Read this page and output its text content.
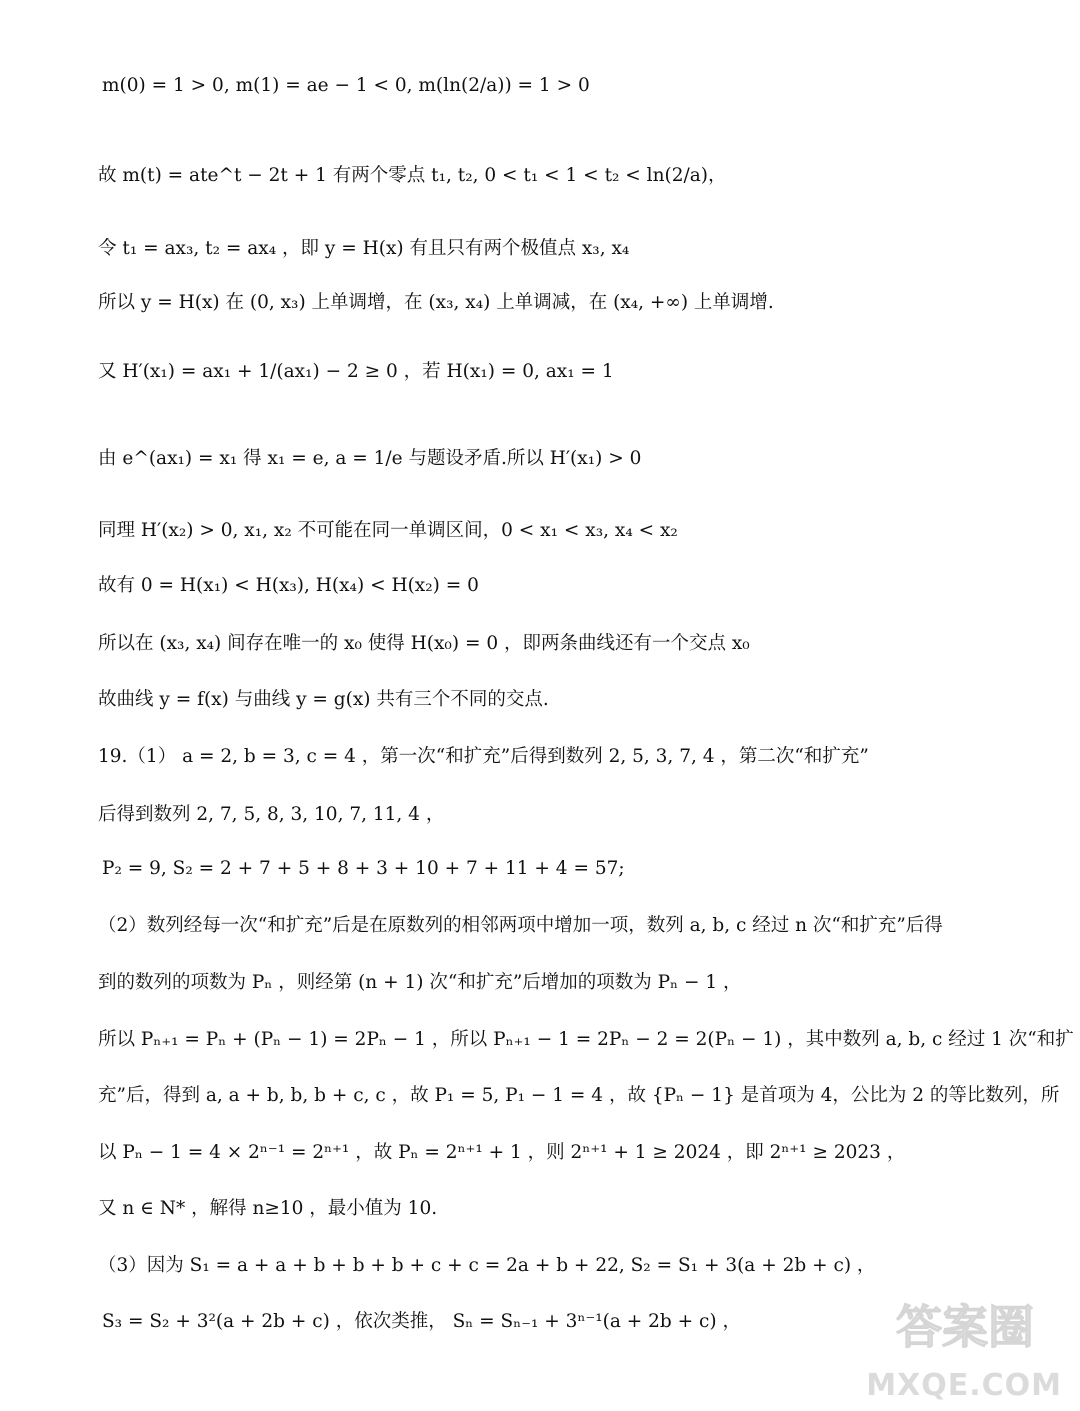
m(0) = 1 > 0, m(1) = ae − 1 < 0, m(ln(2/a)) = 1 > 0
故 m(t) = ate^t − 2t + 1 有两个零点 t₁, t₂, 0 < t₁ < 1 < t₂ < ln(2/a)，
令 t₁ = ax₃, t₂ = ax₄ ，即 y = H(x) 有且只有两个极值点 x₃, x₄
所以 y = H(x) 在 (0, x₃) 上单调增，在 (x₃, x₄) 上单调减，在 (x₄, +∞) 上单调增.
又 H′(x₁) = ax₁ + 1/(ax₁) − 2 ≥ 0 ，若 H(x₁) = 0, ax₁ = 1
由 e^(ax₁) = x₁ 得 x₁ = e, a = 1/e 与题设矛盾.所以 H′(x₁) > 0
同理 H′(x₂) > 0, x₁, x₂ 不可能在同一单调区间，0 < x₁ < x₃, x₄ < x₂
故有 0 = H(x₁) < H(x₃), H(x₄) < H(x₂) = 0
所以在 (x₃, x₄) 间存在唯一的 x₀ 使得 H(x₀) = 0 ，即两条曲线还有一个交点 x₀
故曲线 y = f(x) 与曲线 y = g(x) 共有三个不同的交点.
19.（1） a = 2, b = 3, c = 4 ，第一次“和扩充”后得到数列 2, 5, 3, 7, 4 ，第二次“和扩充”
后得到数列 2, 7, 5, 8, 3, 10, 7, 11, 4 ，
P₂ = 9, S₂ = 2 + 7 + 5 + 8 + 3 + 10 + 7 + 11 + 4 = 57;
（2）数列经每一次“和扩充”后是在原数列的相邻两项中增加一项，数列 a, b, c 经过 n 次“和扩充”后得
到的数列的项数为 Pₙ ，则经第 (n + 1) 次“和扩充”后增加的项数为 Pₙ − 1 ，
所以 Pₙ₊₁ = Pₙ + (Pₙ − 1) = 2Pₙ − 1 ，所以 Pₙ₊₁ − 1 = 2Pₙ − 2 = 2(Pₙ − 1) ，其中数列 a, b, c 经过 1 次“和扩
充”后，得到 a, a + b, b, b + c, c ，故 P₁ = 5, P₁ − 1 = 4 ，故 {Pₙ − 1} 是首项为 4，公比为 2 的等比数列，所
以 Pₙ − 1 = 4 × 2ⁿ⁻¹ = 2ⁿ⁺¹ ，故 Pₙ = 2ⁿ⁺¹ + 1 ，则 2ⁿ⁺¹ + 1 ≥ 2024 ，即 2ⁿ⁺¹ ≥ 2023 ，
又 n ∈ N* ，解得 n≥10 ，最小值为 10.
（3）因为 S₁ = a + a + b + b + b + c + c = 2a + b + 22, S₂ = S₁ + 3(a + 2b + c) ，
S₃ = S₂ + 3²(a + 2b + c) ，依次类推， Sₙ = Sₙ₋₁ + 3ⁿ⁻¹(a + 2b + c) ，	答案圈
MXQE.COM
